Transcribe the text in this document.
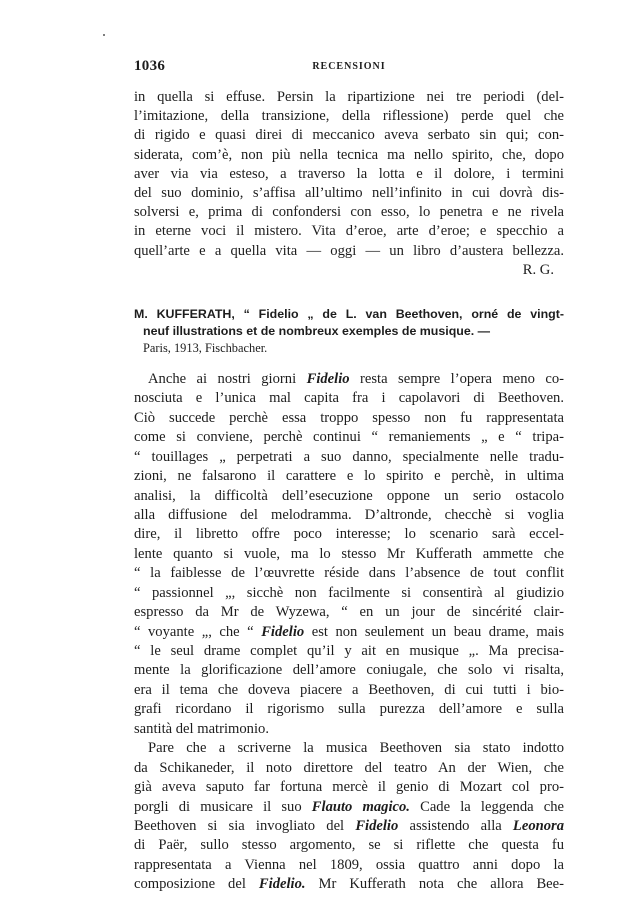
1036	RECENSIONI
in quella si effuse. Persin la ripartizione nei tre periodi (del-
l’imitazione, della transizione, della riflessione) perde quel che
di rigido e quasi direi di meccanico aveva serbato sin qui; con-
siderata, com’è, non più nella tecnica ma nello spirito, che, dopo
aver via via esteso, a traverso la lotta e il dolore, i termini
del suo dominio, s’affisa all’ultimo nell’infinito in cui dovrà dis-
solversi e, prima di confondersi con esso, lo penetra e ne rivela
in eterne voci il mistero. Vita d’eroe, arte d’eroe; e specchio a
quell’arte e a quella vita — oggi — un libro d’austera bellezza.
R. G.
M. KUFFERATH, “ Fidelio „ de L. van Beethoven, orné de vingt-
neuf illustrations et de nombreux exemples de musique. —
Paris, 1913, Fischbacher.
Anche ai nostri giorni Fidelio resta sempre l’opera meno co-
nosciuta e l’unica mal capita fra i capolavori di Beethoven.
Ciò succede perchè essa troppo spesso non fu rappresentata
come si conviene, perchè continui “ remaniements „ e “ tripa-
“ touillages „ perpetrati a suo danno, specialmente nelle tradu-
zioni, ne falsarono il carattere e lo spirito e perchè, in ultima
analisi, la difficoltà dell’esecuzione oppone un serio ostacolo
alla diffusione del melodramma. D’altronde, checchè si voglia
dire, il libretto offre poco interesse; lo scenario sarà eccel-
lente quanto si vuole, ma lo stesso Mr Kufferath ammette che
“ la faiblesse de l’œuvrette réside dans l’absence de tout conflit
“ passionnel „, sicchè non facilmente si consentirà al giudizio
espresso da Mr de Wyzewa, “ en un jour de sincérité clair-
“ voyante „, che “ Fidelio est non seulement un beau drame, mais
“ le seul drame complet qu’il y ait en musique „. Ma precisa-
mente la glorificazione dell’amore coniugale, che solo vi risalta,
era il tema che doveva piacere a Beethoven, di cui tutti i bio-
grafi ricordano il rigorismo sulla purezza dell’amore e sulla
santità del matrimonio.
Pare che a scriverne la musica Beethoven sia stato indotto
da Schikaneder, il noto direttore del teatro An der Wien, che
già aveva saputo far fortuna mercè il genio di Mozart col pro-
porgli di musicare il suo Flauto magico. Cade la leggenda che
Beethoven si sia invogliato del Fidelio assistendo alla Leonora
di Paër, sullo stesso argomento, se si riflette che questa fu
rappresentata a Vienna nel 1809, ossia quattro anni dopo la
composizione del Fidelio. Mr Kufferath nota che allora Bee-
